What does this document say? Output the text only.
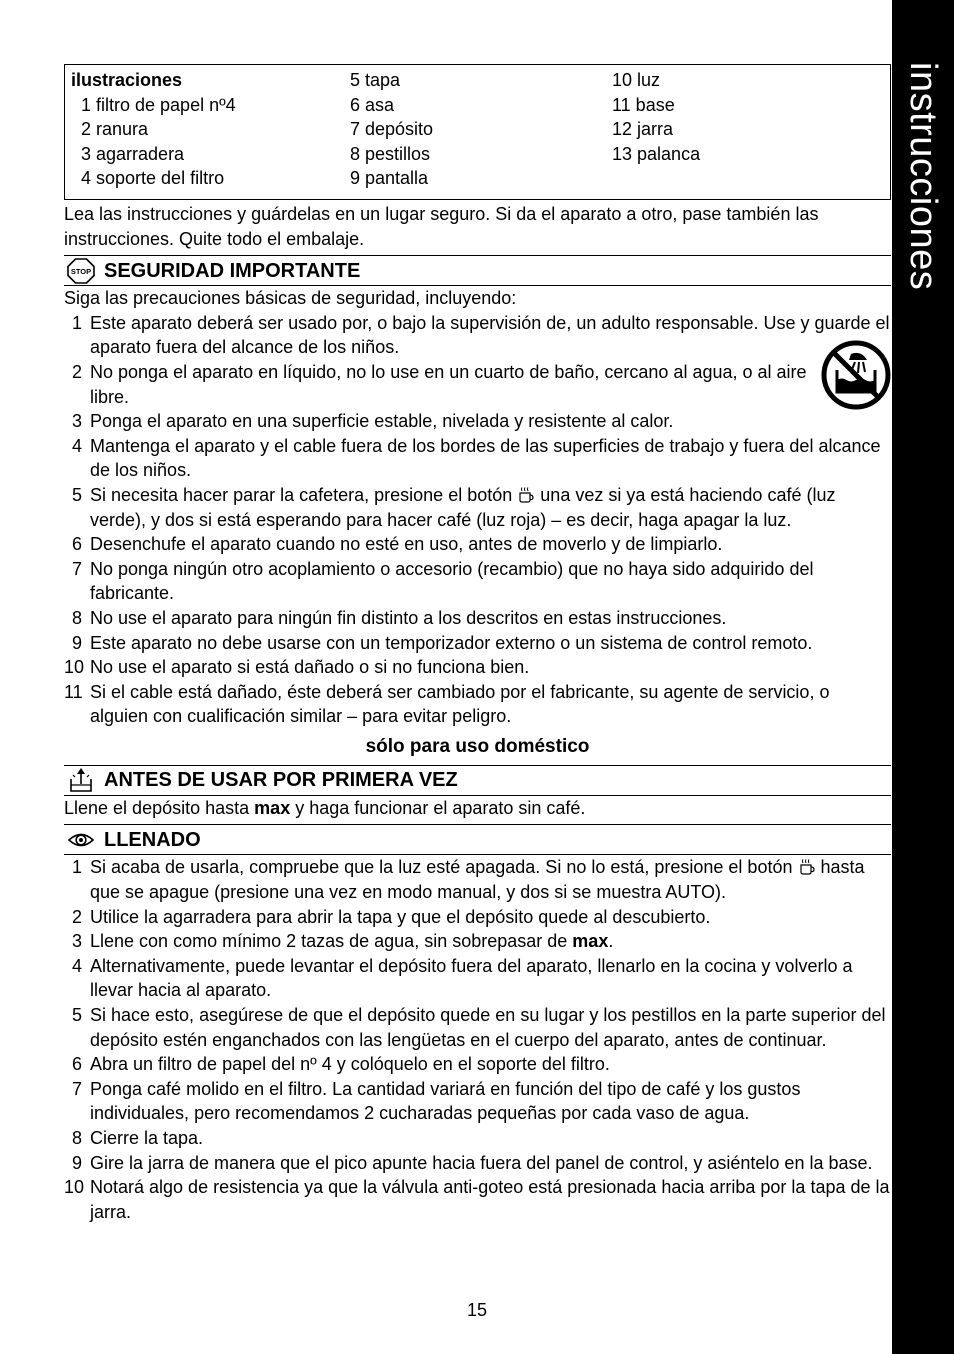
instrucciones
ilustraciones
1 filtro de papel nº4
2 ranura
3 agarradera
4 soporte del filtro
5 tapa
6 asa
7 depósito
8 pestillos
9 pantalla
10 luz
11 base
12 jarra
13 palanca

Lea las instrucciones y guárdelas en un lugar seguro. Si da el aparato a otro, pase también las instrucciones. Quite todo el embalaje.

STOP SEGURIDAD IMPORTANTE

Siga las precauciones básicas de seguridad, incluyendo:

1 Este aparato deberá ser usado por, o bajo la supervisión de, un adulto responsable. Use y guarde el aparato fuera del alcance de los niños.
2 No ponga el aparato en líquido, no lo use en un cuarto de baño, cercano al agua, o al aire libre.
3 Ponga el aparato en una superficie estable, nivelada y resistente al calor.
4 Mantenga el aparato y el cable fuera de los bordes de las superficies de trabajo y fuera del alcance de los niños.
5 Si necesita hacer parar la cafetera, presione el botón una vez si ya está haciendo café (luz verde), y dos si está esperando para hacer café (luz roja) – es decir, haga apagar la luz.
6 Desenchufe el aparato cuando no esté en uso, antes de moverlo y de limpiarlo.
7 No ponga ningún otro acoplamiento o accesorio (recambio) que no haya sido adquirido del fabricante.
8 No use el aparato para ningún fin distinto a los descritos en estas instrucciones.
9 Este aparato no debe usarse con un temporizador externo o un sistema de control remoto.
10 No use el aparato si está dañado o si no funciona bien.
11 Si el cable está dañado, éste deberá ser cambiado por el fabricante, su agente de servicio, o alguien con cualificación similar – para evitar peligro.

sólo para uso doméstico

ANTES DE USAR POR PRIMERA VEZ

Llene el depósito hasta max y haga funcionar el aparato sin café.

LLENADO
1 Si acaba de usarla, compruebe que la luz esté apagada. Si no lo está, presione el botón hasta que se apague (presione una vez en modo manual, y dos si se muestra AUTO).
2 Utilice la agarradera para abrir la tapa y que el depósito quede al descubierto.
3 Llene con como mínimo 2 tazas de agua, sin sobrepasar de max.
4 Alternativamente, puede levantar el depósito fuera del aparato, llenarlo en la cocina y volverlo a llevar hacia al aparato.
5 Si hace esto, asegúrese de que el depósito quede en su lugar y los pestillos en la parte superior del depósito estén enganchados con las lengüetas en el cuerpo del aparato, antes de continuar.
6 Abra un filtro de papel del nº 4 y colóquelo en el soporte del filtro.
7 Ponga café molido en el filtro. La cantidad variará en función del tipo de café y los gustos individuales, pero recomendamos 2 cucharadas pequeñas por cada vaso de agua.
8 Cierre la tapa.
9 Gire la jarra de manera que el pico apunte hacia fuera del panel de control, y asiéntelo en la base.
10 Notará algo de resistencia ya que la válvula anti-goteo está presionada hacia arriba por la tapa de la jarra.
15
